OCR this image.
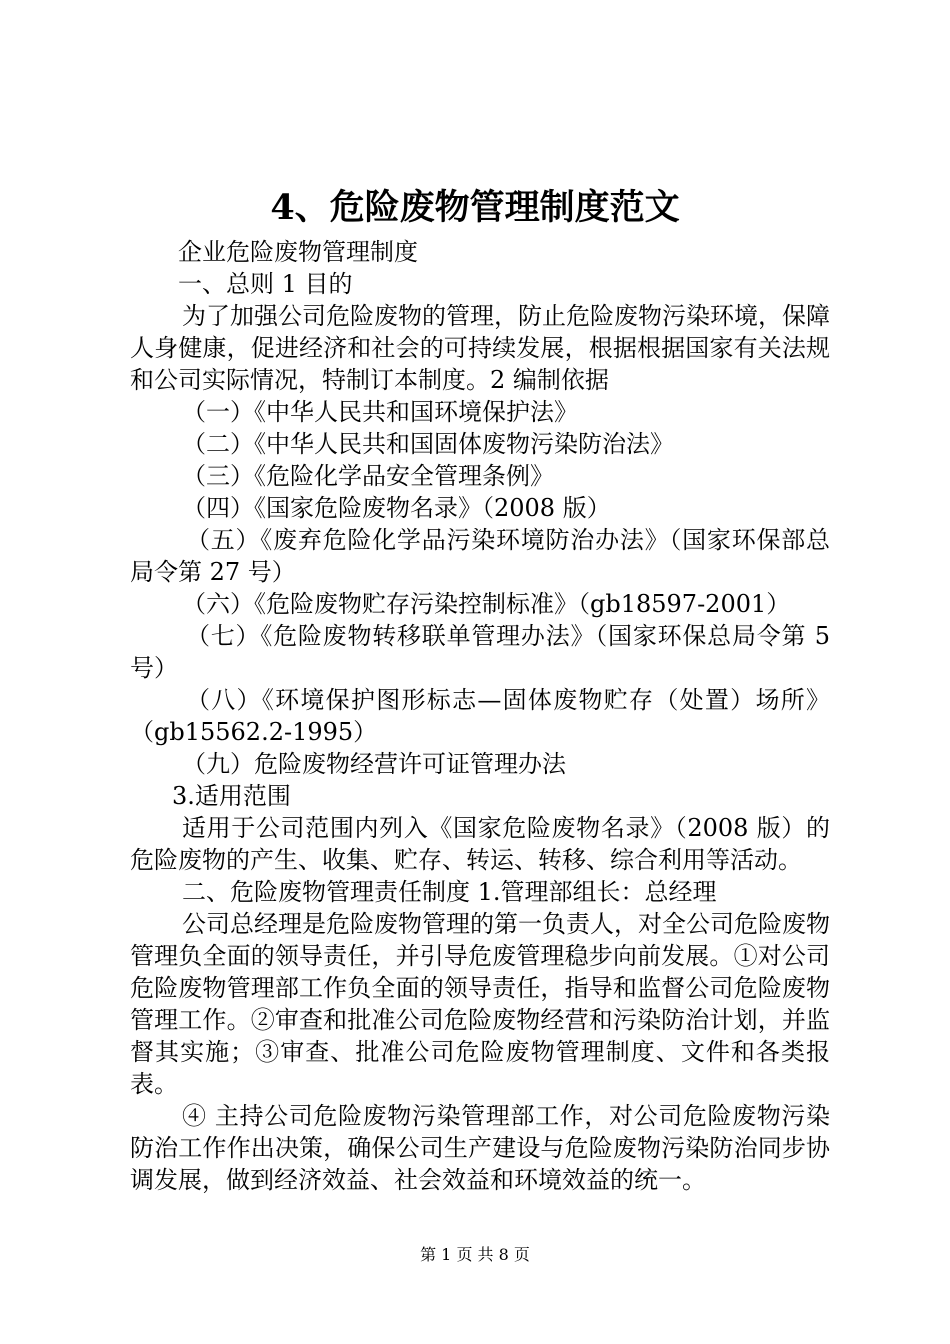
4、危险废物管理制度范文

企业危险废物管理制度

一、总则 1 目的

为了加强公司危险废物的管理，防止危险废物污染环境，保障人身健康，促进经济和社会的可持续发展，根据根据国家有关法规和公司实际情况，特制订本制度。2 编制依据

（一）《中华人民共和国环境保护法》

（二）《中华人民共和国固体废物污染防治法》

（三）《危险化学品安全管理条例》

（四）《国家危险废物名录》（2008 版）

（五）《废弃危险化学品污染环境防治办法》（国家环保部总局令第 27 号）

（六）《危险废物贮存污染控制标准》（gb18597-2001）

（七）《危险废物转移联单管理办法》（国家环保总局令第 5 号）

（八）《环境保护图形标志—固体废物贮存（处置）场所》（gb15562.2-1995）

（九）危险废物经营许可证管理办法

3.适用范围

适用于公司范围内列入《国家危险废物名录》（2008 版）的危险废物的产生、收集、贮存、转运、转移、综合利用等活动。

二、危险废物管理责任制度 1.管理部组长：总经理

公司总经理是危险废物管理的第一负责人，对全公司危险废物管理负全面的领导责任，并引导危废管理稳步向前发展。①对公司危险废物管理部工作负全面的领导责任，指导和监督公司危险废物管理工作。②审查和批准公司危险废物经营和污染防治计划，并监督其实施；③审查、批准公司危险废物管理制度、文件和各类报表。

④ 主持公司危险废物污染管理部工作，对公司危险废物污染防治工作作出决策，确保公司生产建设与危险废物污染防治同步协调发展，做到经济效益、社会效益和环境效益的统一。

第 1 页 共 8 页
